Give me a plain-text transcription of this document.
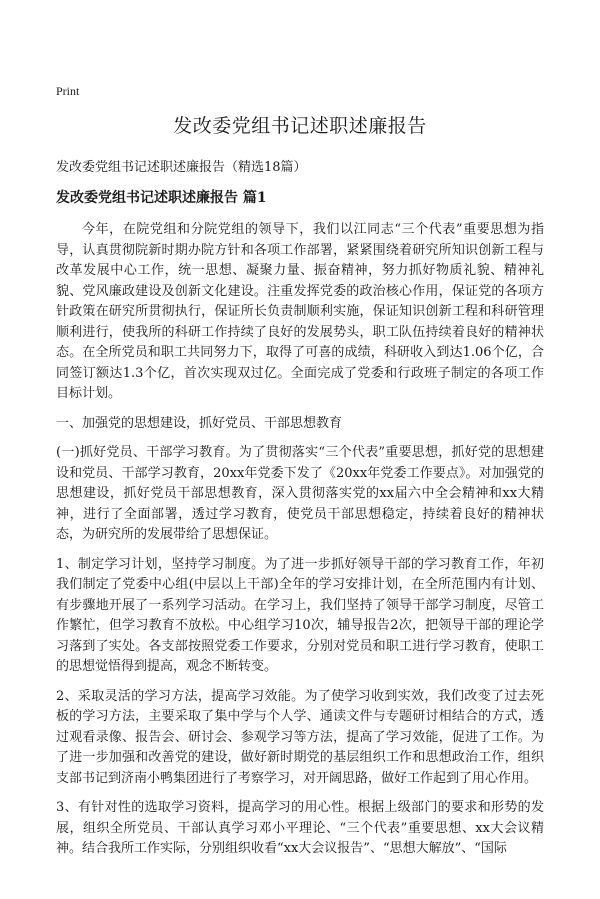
Print
发改委党组书记述职述廉报告

发改委党组书记述职述廉报告（精选18篇）

发改委党组书记述职述廉报告 篇1

今年，在院党组和分院党组的领导下，我们以江同志“三个代表”重要思想为指导，认真贯彻院新时期办院方针和各项工作部署，紧紧围绕着研究所知识创新工程与改革发展中心工作，统一思想、凝聚力量、振奋精神，努力抓好物质礼貌、精神礼貌、党风廉政建设及创新文化建设。注重发挥党委的政治核心作用，保证党的各项方针政策在研究所贯彻执行，保证所长负责制顺利实施，保证知识创新工程和科研管理顺利进行，使我所的科研工作持续了良好的发展势头，职工队伍持续着良好的精神状态。在全所党员和职工共同努力下，取得了可喜的成绩，科研收入到达1.06个亿，合同签订额达1.3个亿，首次实现双过亿。全面完成了党委和行政班子制定的各项工作目标计划。

一、加强党的思想建设，抓好党员、干部思想教育

(一)抓好党员、干部学习教育。为了贯彻落实“三个代表”重要思想，抓好党的思想建设和党员、干部学习教育，20xx年党委下发了《20xx年党委工作要点》。对加强党的思想建设，抓好党员干部思想教育，深入贯彻落实党的xx届六中全会精神和xx大精神，进行了全面部署，透过学习教育，使党员干部思想稳定，持续着良好的精神状态，为研究所的发展带给了思想保证。

1、制定学习计划，坚持学习制度。为了进一步抓好领导干部的学习教育工作，年初我们制定了党委中心组(中层以上干部)全年的学习安排计划，在全所范围内有计划、有步骤地开展了一系列学习活动。在学习上，我们坚持了领导干部学习制度，尽管工作繁忙，但学习教育不放松。中心组学习10次，辅导报告2次，把领导干部的理论学习落到了实处。各支部按照党委工作要求，分别对党员和职工进行学习教育，使职工的思想觉悟得到提高，观念不断转变。

2、采取灵活的学习方法，提高学习效能。为了使学习收到实效，我们改变了过去死板的学习方法，主要采取了集中学与个人学、通读文件与专题研讨相结合的方式，透过观看录像、报告会、研讨会、参观学习等方法，提高了学习效能，促进了工作。为了进一步加强和改善党的建设，做好新时期党的基层组织工作和思想政治工作，组织支部书记到济南小鸭集团进行了考察学习，对开阔思路，做好工作起到了用心作用。

3、有针对性的选取学习资料，提高学习的用心性。根据上级部门的要求和形势的发展，组织全所党员、干部认真学习邓小平理论、“三个代表”重要思想、xx大会议精神。结合我所工作实际，分别组织收看“xx大会议报告”、“思想大解放”、“国际
